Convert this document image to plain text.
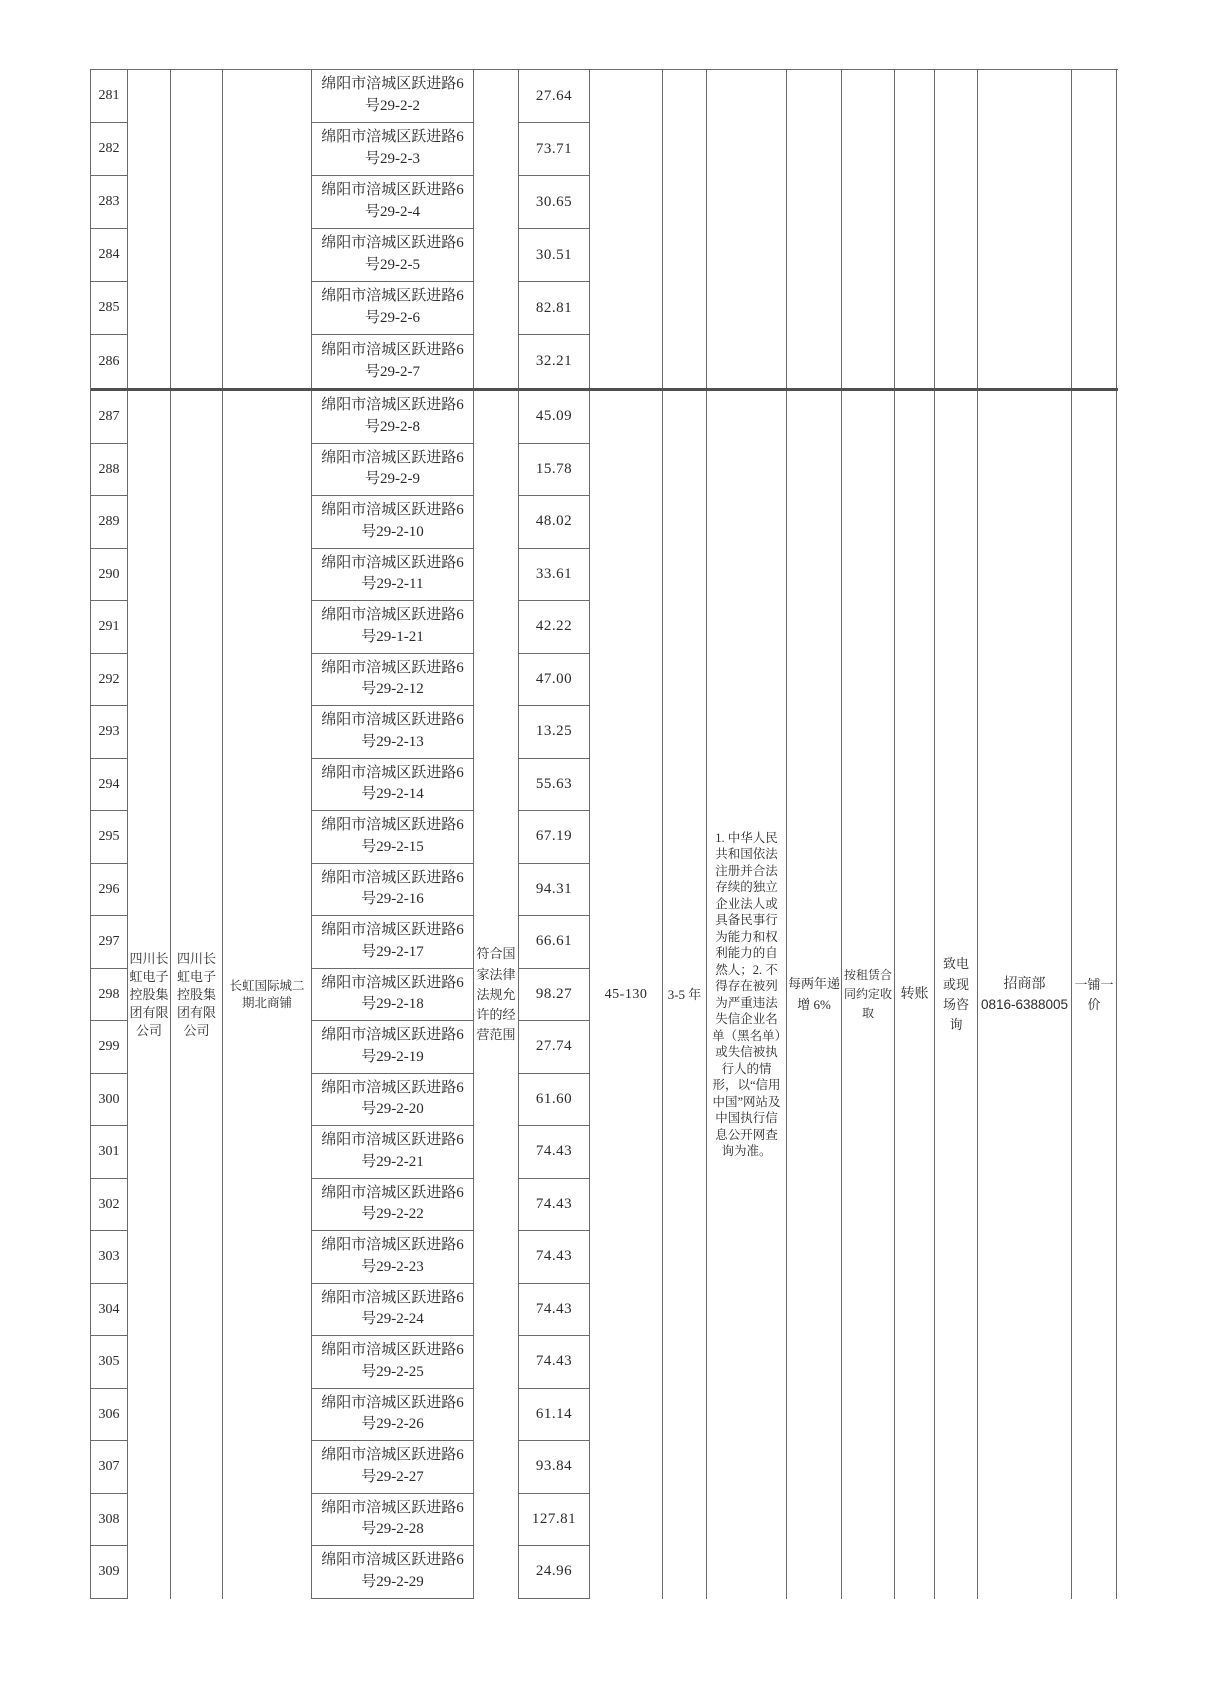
281
绵阳市涪城区跃进路6号29-2-2
27.64
282
绵阳市涪城区跃进路6号29-2-3
73.71
283
绵阳市涪城区跃进路6号29-2-4
30.65
284
绵阳市涪城区跃进路6号29-2-5
30.51
285
绵阳市涪城区跃进路6号29-2-6
82.81
286
绵阳市涪城区跃进路6号29-2-7
32.21
四川长虹电子控股集团有限公司
四川长虹电子控股集团有限公司
长虹国际城二期北商铺
符合国家法律法规允许的经营范围
45-130	3-5 年
1. 中华人民共和国依法注册并合法存续的独立企业法人或具备民事行为能力和权利能力的自然人；2. 不得存在被列为严重违法失信企业名单（黑名单）或失信被执行人的情形，以“信用中国”网站及中国执行信息公开网查询为准。
每两年递增 6%
按租赁合同约定收取
转账
致电或现场咨询
招商部
0816-6388005
一铺一价
287
绵阳市涪城区跃进路6号29-2-8
45.09
288
绵阳市涪城区跃进路6号29-2-9
15.78
289
绵阳市涪城区跃进路6号29-2-10
48.02
290
绵阳市涪城区跃进路6号29-2-11
33.61
291
绵阳市涪城区跃进路6号29-1-21
42.22
292
绵阳市涪城区跃进路6号29-2-12
47.00
293
绵阳市涪城区跃进路6号29-2-13
13.25
294
绵阳市涪城区跃进路6号29-2-14
55.63
295
绵阳市涪城区跃进路6号29-2-15
67.19
296
绵阳市涪城区跃进路6号29-2-16
94.31
297
绵阳市涪城区跃进路6号29-2-17
66.61
298
绵阳市涪城区跃进路6号29-2-18
98.27
299
绵阳市涪城区跃进路6号29-2-19
27.74
300
绵阳市涪城区跃进路6号29-2-20
61.60
301
绵阳市涪城区跃进路6号29-2-21
74.43
302
绵阳市涪城区跃进路6号29-2-22
74.43
303
绵阳市涪城区跃进路6号29-2-23
74.43
304
绵阳市涪城区跃进路6号29-2-24
74.43
305
绵阳市涪城区跃进路6号29-2-25
74.43
306
绵阳市涪城区跃进路6号29-2-26
61.14
307
绵阳市涪城区跃进路6号29-2-27
93.84
308
绵阳市涪城区跃进路6号29-2-28
127.81
309
绵阳市涪城区跃进路6号29-2-29
24.96
